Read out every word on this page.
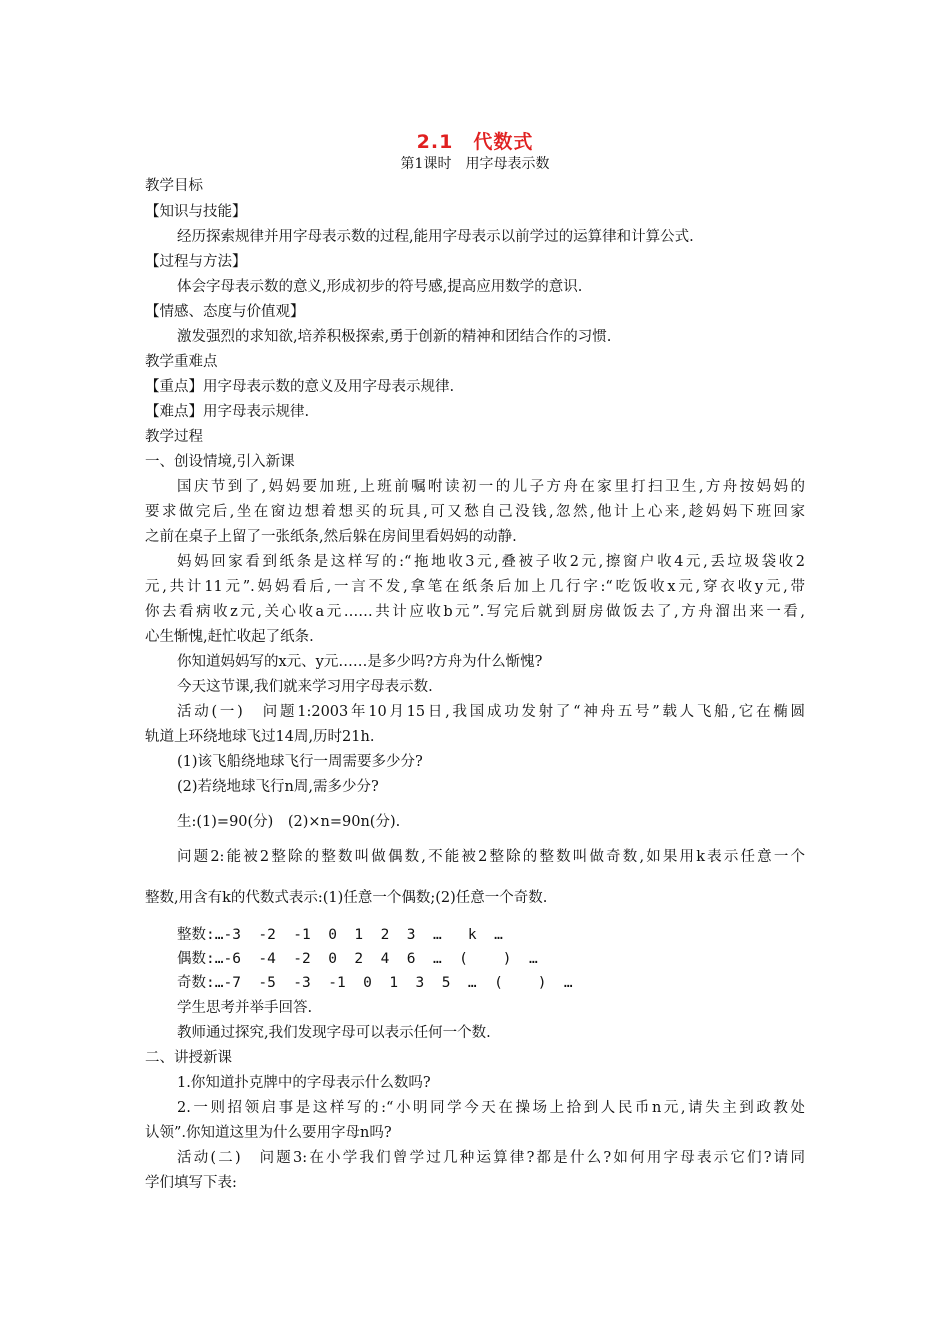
2.1　代数式
第1课时　用字母表示数
教学目标
【知识与技能】
经历探索规律并用字母表示数的过程,能用字母表示以前学过的运算律和计算公式.
【过程与方法】
体会字母表示数的意义,形成初步的符号感,提高应用数学的意识.
【情感、态度与价值观】
激发强烈的求知欲,培养积极探索,勇于创新的精神和团结合作的习惯.
教学重难点
【重点】用字母表示数的意义及用字母表示规律.
【难点】用字母表示规律.
教学过程
一、创设情境,引入新课
国庆节到了,妈妈要加班,上班前嘱咐读初一的儿子方舟在家里打扫卫生,方舟按妈妈的
要求做完后,坐在窗边想着想买的玩具,可又愁自己没钱,忽然,他计上心来,趁妈妈下班回家
之前在桌子上留了一张纸条,然后躲在房间里看妈妈的动静.
妈妈回家看到纸条是这样写的:“拖地收3元,叠被子收2元,擦窗户收4元,丢垃圾袋收2
元,共计11元”.妈妈看后,一言不发,拿笔在纸条后加上几行字:“吃饭收x元,穿衣收y元,带
你去看病收z元,关心收a元……共计应收b元”.写完后就到厨房做饭去了,方舟溜出来一看,
心生惭愧,赶忙收起了纸条.
你知道妈妈写的x元、y元……是多少吗?方舟为什么惭愧?
今天这节课,我们就来学习用字母表示数.
活动(一)　问题1:2003年10月15日,我国成功发射了“神舟五号”载人飞船,它在椭圆
轨道上环绕地球飞过14周,历时21h.
(1)该飞船绕地球飞行一周需要多少分?
(2)若绕地球飞行n周,需多少分?
生:(1)=90(分)　(2)×n=90n(分).
问题2:能被2整除的整数叫做偶数,不能被2整除的整数叫做奇数,如果用k表示任意一个
整数,用含有k的代数式表示:(1)任意一个偶数;(2)任意一个奇数.
整数:…-3  -2  -1  0  1  2  3  …   k  …
偶数:…-6  -4  -2  0  2  4  6  …  (    )  …
奇数:…-7  -5  -3  -1  0  1  3  5  …  (    )  …
学生思考并举手回答.
教师通过探究,我们发现字母可以表示任何一个数.
二、讲授新课
1.你知道扑克牌中的字母表示什么数吗?
2.一则招领启事是这样写的:“小明同学今天在操场上拾到人民币n元,请失主到政教处
认领”.你知道这里为什么要用字母n吗?
活动(二)　问题3:在小学我们曾学过几种运算律?都是什么?如何用字母表示它们?请同
学们填写下表:
